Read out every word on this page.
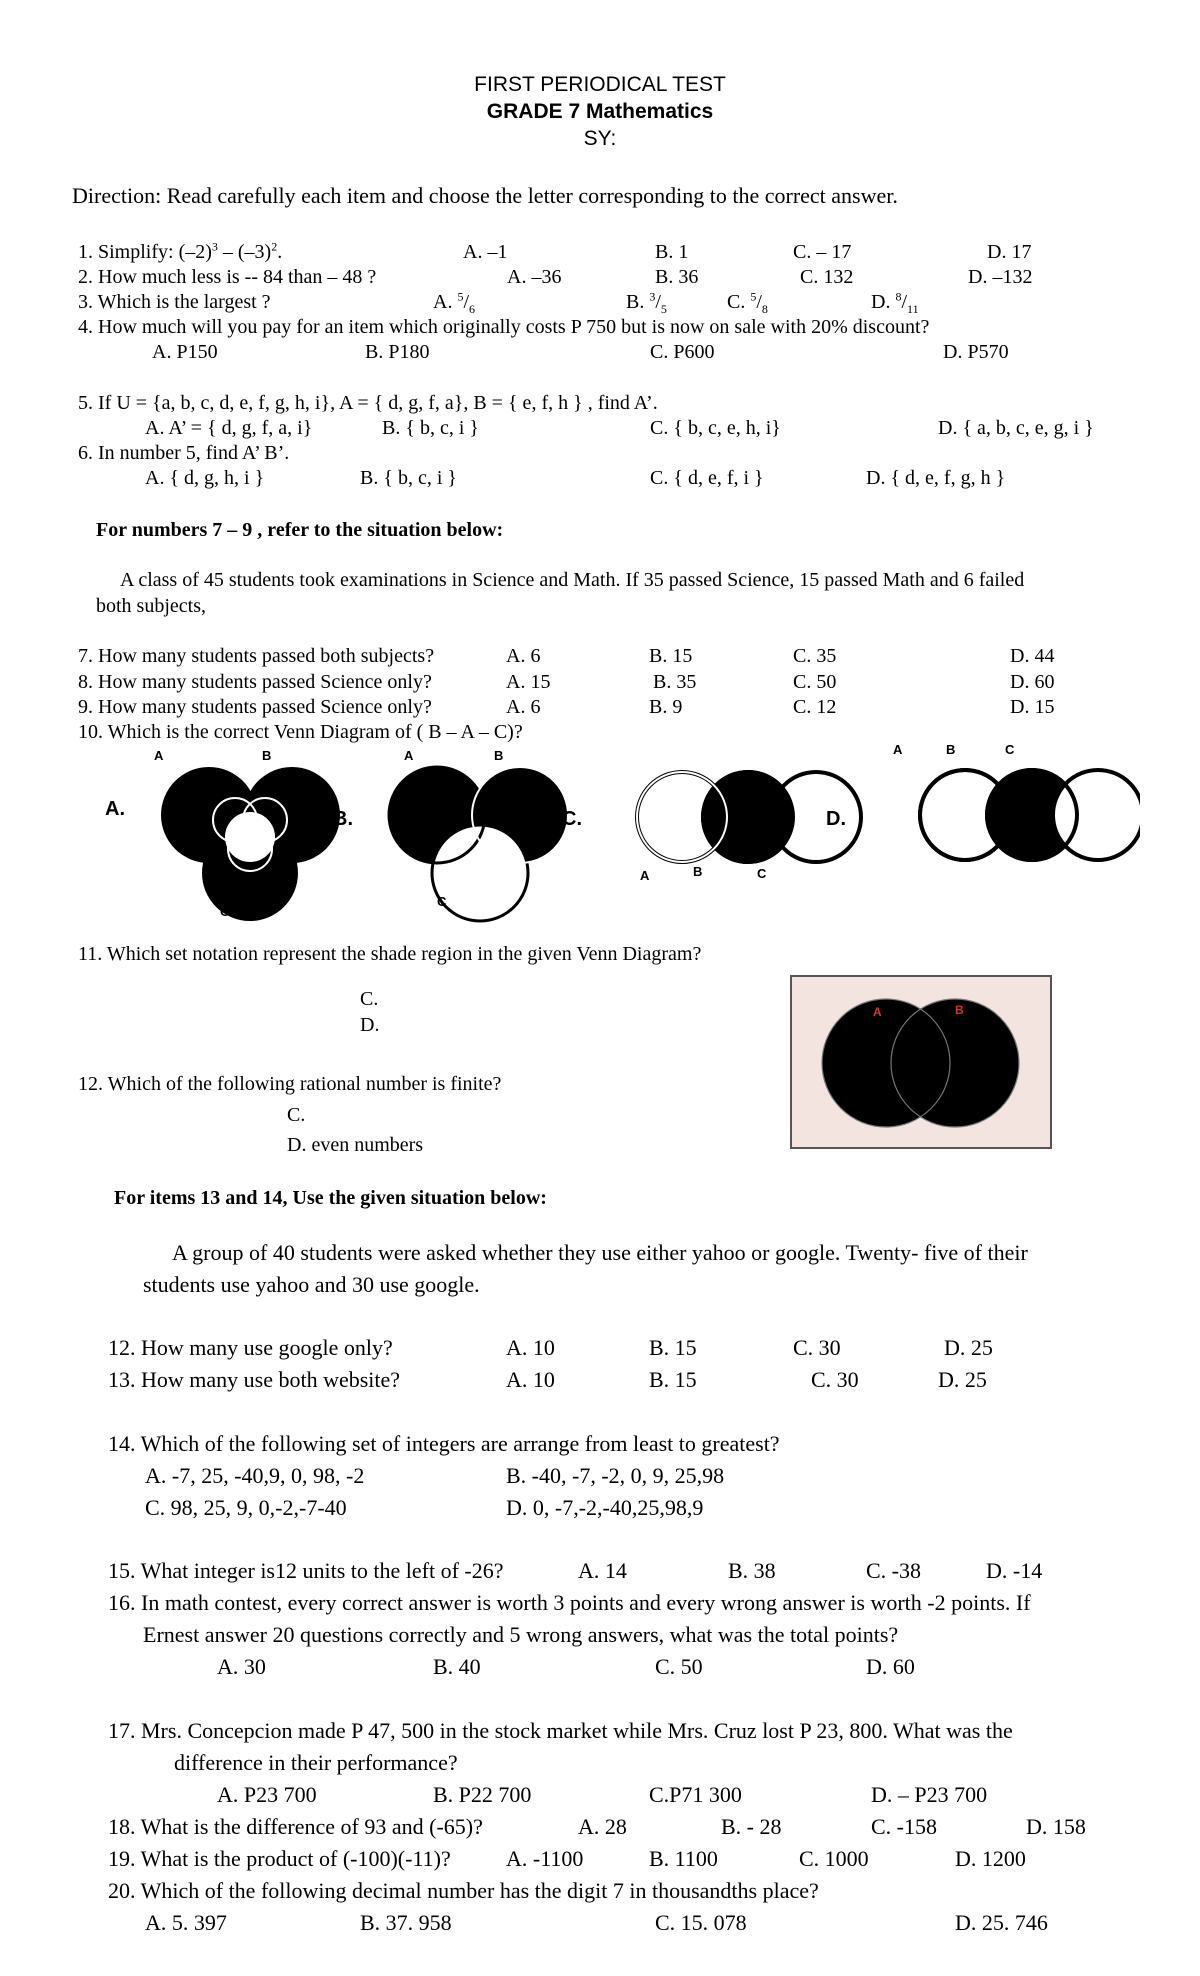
FIRST PERIODICAL TEST
GRADE 7 Mathematics
SY:
Direction: Read carefully each item and choose the letter corresponding to the correct answer.
1. Simplify: $(-2)^3 - (-3)^2$.	A. –1	B. 1	C. – 17	D. 17
2. How much less is -- 84 than – 48 ?	A. –36	B. 36	C. 132	D. –132
3. Which is the largest ?	A. $^5/_6$	B. $^3/_5$	C. $^5/_8$	D. $^8/_{11}$
4. How much will you pay for an item which originally costs P 750 but is now on sale with 20% discount?
A. P150	B. P180	C. P600	D. P570
5. If U = {a, b, c, d, e, f, g, h, i}, A = { d, g, f, a}, B = { e, f, h } , find A’.
A. A’ = { d, g, f, a, i}	B. { b, c, i }	C. { b, c, e, h, i}	D. { a, b, c, e, g, i }
6. In number 5, find A’ B’.
A. { d, g, h, i }	B. { b, c, i }	C. { d, e, f, i }	D. { d, e, f, g, h }
For numbers 7 – 9 , refer to the situation below:
A class of 45 students took examinations in Science and Math. If 35 passed Science, 15 passed Math and 6 failed
both subjects,
7. How many students passed both subjects?	A. 6	B. 15	C. 35	D. 44
8. How many students passed Science only?	A. 15	B. 35	C. 50	D. 60
9. How many students passed Science only?	A. 6	B. 9	C. 12	D. 15
10. Which is the correct Venn Diagram of ( B – A – C)?
A.	B.	C.	D.
A	B
C
A	B
C
A	B	C
A	B	C
11. Which set notation represent the shade region in the given Venn Diagram?
C.
D.
A	B
12. Which of the following rational number is finite?
C.
D. even numbers
For items 13 and 14, Use the given situation below:
A group of 40 students were asked whether they use either yahoo or google. Twenty- five of their
students use yahoo and 30 use google.
12. How many use google only?	A. 10	B. 15	C. 30	D. 25
13. How many use both website?	A. 10	B. 15	C. 30	D. 25
14. Which of the following set of integers are arrange from least to greatest?
A. -7, 25, -40,9, 0, 98, -2	B. -40, -7, -2, 0, 9, 25,98
C. 98, 25, 9, 0,-2,-7-40	D. 0, -7,-2,-40,25,98,9
15. What integer is12 units to the left of -26?	A. 14	B. 38	C. -38	D. -14
16. In math contest, every correct answer is worth 3 points and every wrong answer is worth -2 points. If
Ernest answer 20 questions correctly and 5 wrong answers, what was the total points?
A. 30	B. 40	C. 50	D. 60
17. Mrs. Concepcion made P 47, 500 in the stock market while Mrs. Cruz lost P 23, 800. What was the
difference in their performance?
A. P23 700	B. P22 700	C.P71 300	D. – P23 700
18. What is the difference of 93 and (-65)?	A. 28	B. - 28	C. -158	D. 158
19. What is the product of (-100)(-11)?	A. -1100	B. 1100	C. 1000	D. 1200
20. Which of the following decimal number has the digit 7 in thousandths place?
A. 5. 397	B. 37. 958	C. 15. 078	D. 25. 746
